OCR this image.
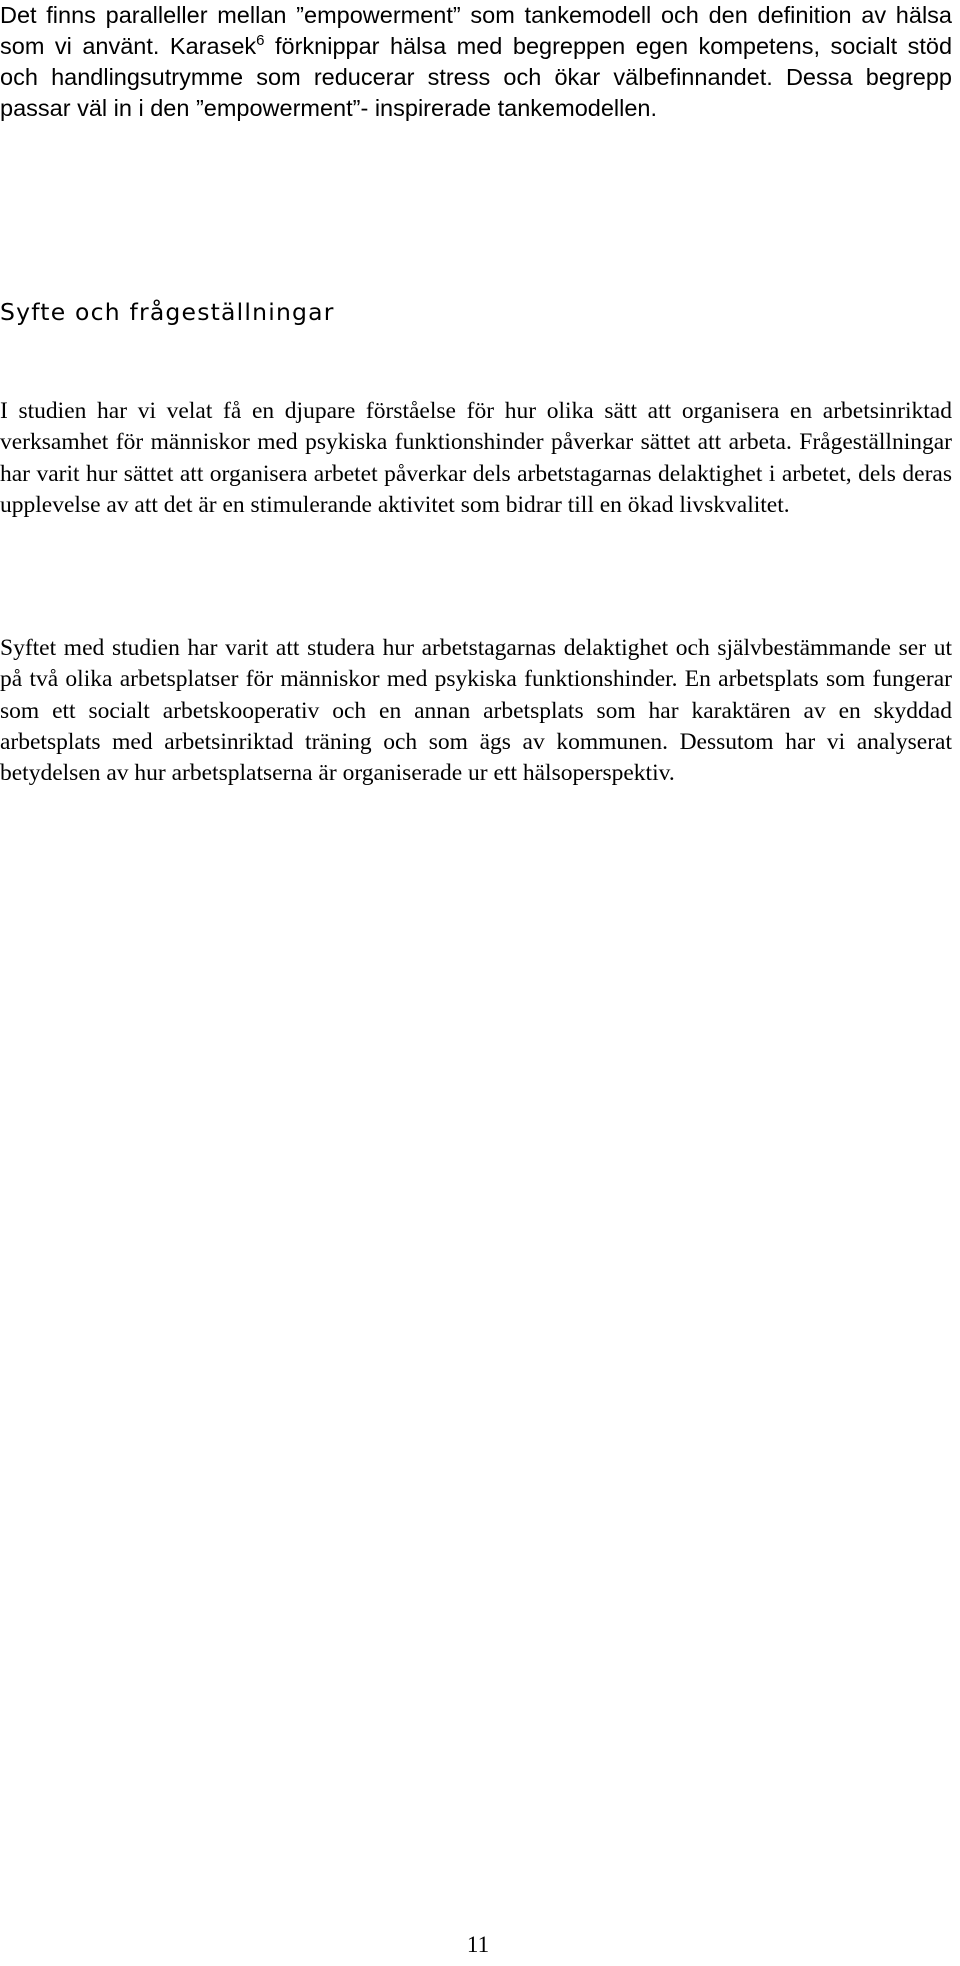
Det finns paralleller mellan ”empowerment” som tankemodell och den definition av hälsa som vi använt. Karasek$^6$ förknippar hälsa med begreppen egen kompetens, socialt stöd och handlingsutrymme som reducerar stress och ökar välbefinnandet. Dessa begrepp passar väl in i den ”empowerment”- inspirerade tankemodellen.

Syfte och frågeställningar

I studien har vi velat få en djupare förståelse för hur olika sätt att organisera en arbetsinriktad verksamhet för människor med psykiska funktionshinder påverkar sättet att arbeta. Frågeställningar har varit hur sättet att organisera arbetet påverkar dels arbetstagarnas delaktighet i arbetet, dels deras upplevelse av att det är en stimulerande aktivitet som bidrar till en ökad livskvalitet.

Syftet med studien har varit att studera hur arbetstagarnas delaktighet och självbestämmande ser ut på två olika arbetsplatser för människor med psykiska funktionshinder. En arbetsplats som fungerar som ett socialt arbetskooperativ och en annan arbetsplats som har karaktären av en skyddad arbetsplats med arbetsinriktad träning och som ägs av kommunen. Dessutom har vi analyserat betydelsen av hur arbetsplatserna är organiserade ur ett hälsoperspektiv.

11
